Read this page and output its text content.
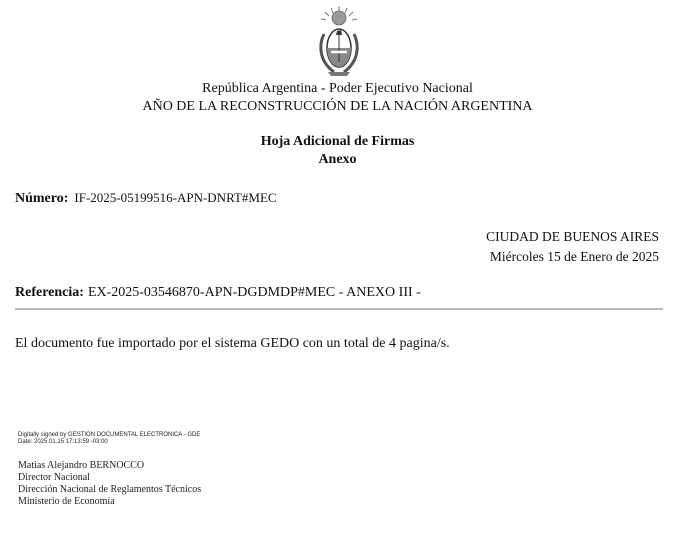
República Argentina - Poder Ejecutivo Nacional
AÑO DE LA RECONSTRUCCIÓN DE LA NACIÓN ARGENTINA
Hoja Adicional de Firmas
Anexo
Número: IF-2025-05199516-APN-DNRT#MEC
CIUDAD DE BUENOS AIRES
Miércoles 15 de Enero de 2025
Referencia: EX-2025-03546870-APN-DGDMDP#MEC - ANEXO III -
El documento fue importado por el sistema GEDO con un total de 4 pagina/s.
Digitally signed by GESTION DOCUMENTAL ELECTRONICA - GDE
Date: 2025.01.15 17:13:59 -03:00
Matias Alejandro BERNOCCO
Director Nacional
Dirección Nacional de Reglamentos Técnicos
Ministerio de Economía
